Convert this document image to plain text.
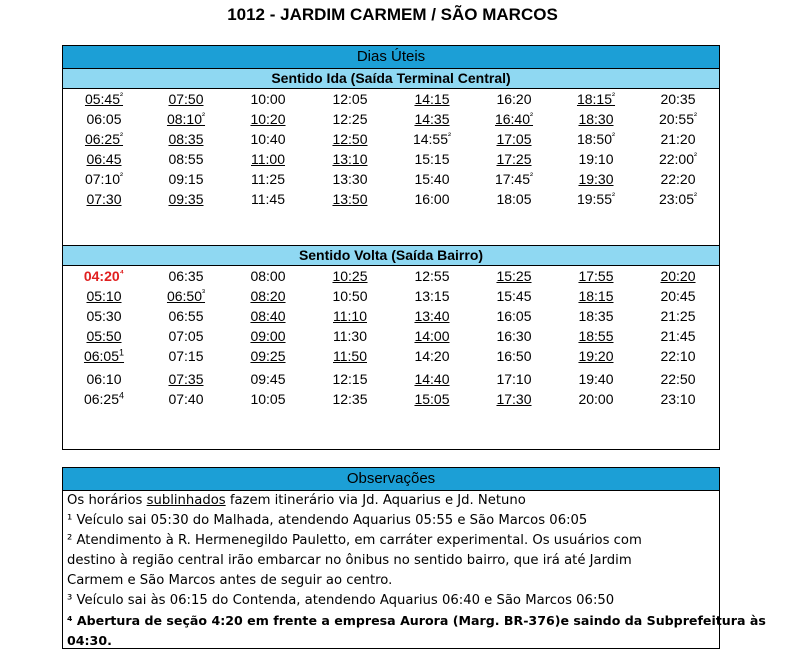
1012 - JARDIM CARMEM / SÃO MARCOS
Dias Úteis
Sentido Ida (Saída Terminal Central)
$05:45^{^2}$
06:05
$06:25^{^2}$
06:45
$07:10^{^2}$
07:30
07:50
$08:10^{^2}$
08:35
08:55
09:15
09:35
10:00
10:20
10:40
11:00
11:25
11:45
12:05
12:25
12:50
13:10
13:30
13:50
14:15
14:35
$14:55^{^2}$
15:15
15:40
16:00
16:20
$16:40^{^2}$
17:05
17:25
$17:45^{^2}$
18:05
$18:15^{^2}$
18:30
$18:50^{^2}$
19:10
19:30
$19:55^{^2}$
20:35
$20:55^{^2}$
21:20
$22:00^{^2}$
22:20
$23:05^{^2}$
Sentido Volta (Saída Bairro)
$04:20^{^4}$
05:10
05:30
05:50
$06:05^1$
06:10
$06:25^4$
06:35
$06:50^{^3}$
06:55
07:05
07:15
07:35
07:40
08:00
08:20
08:40
09:00
09:25
09:45
10:05
10:25
10:50
11:10
11:30
11:50
12:15
12:35
12:55
13:15
13:40
14:00
14:20
14:40
15:05
15:25
15:45
16:05
16:30
16:50
17:10
17:30
17:55
18:15
18:35
18:55
19:20
19:40
20:00
20:20
20:45
21:25
21:45
22:10
22:50
23:10
Observações
Os horários sublinhados fazem itinerário via Jd. Aquarius e Jd. Netuno
¹ Veículo sai 05:30 do Malhada, atendendo Aquarius 05:55 e São Marcos 06:05
² Atendimento à R. Hermenegildo Pauletto, em carráter experimental. Os usuários com
destino à região central irão embarcar no ônibus no sentido bairro, que irá até Jardim
Carmem e São Marcos antes de seguir ao centro.
³ Veículo sai às 06:15 do Contenda, atendendo Aquarius 06:40 e São Marcos 06:50
⁴ Abertura de seção 4:20 em frente a empresa Aurora (Marg. BR-376)e saindo da Subprefeitura às
04:30.
